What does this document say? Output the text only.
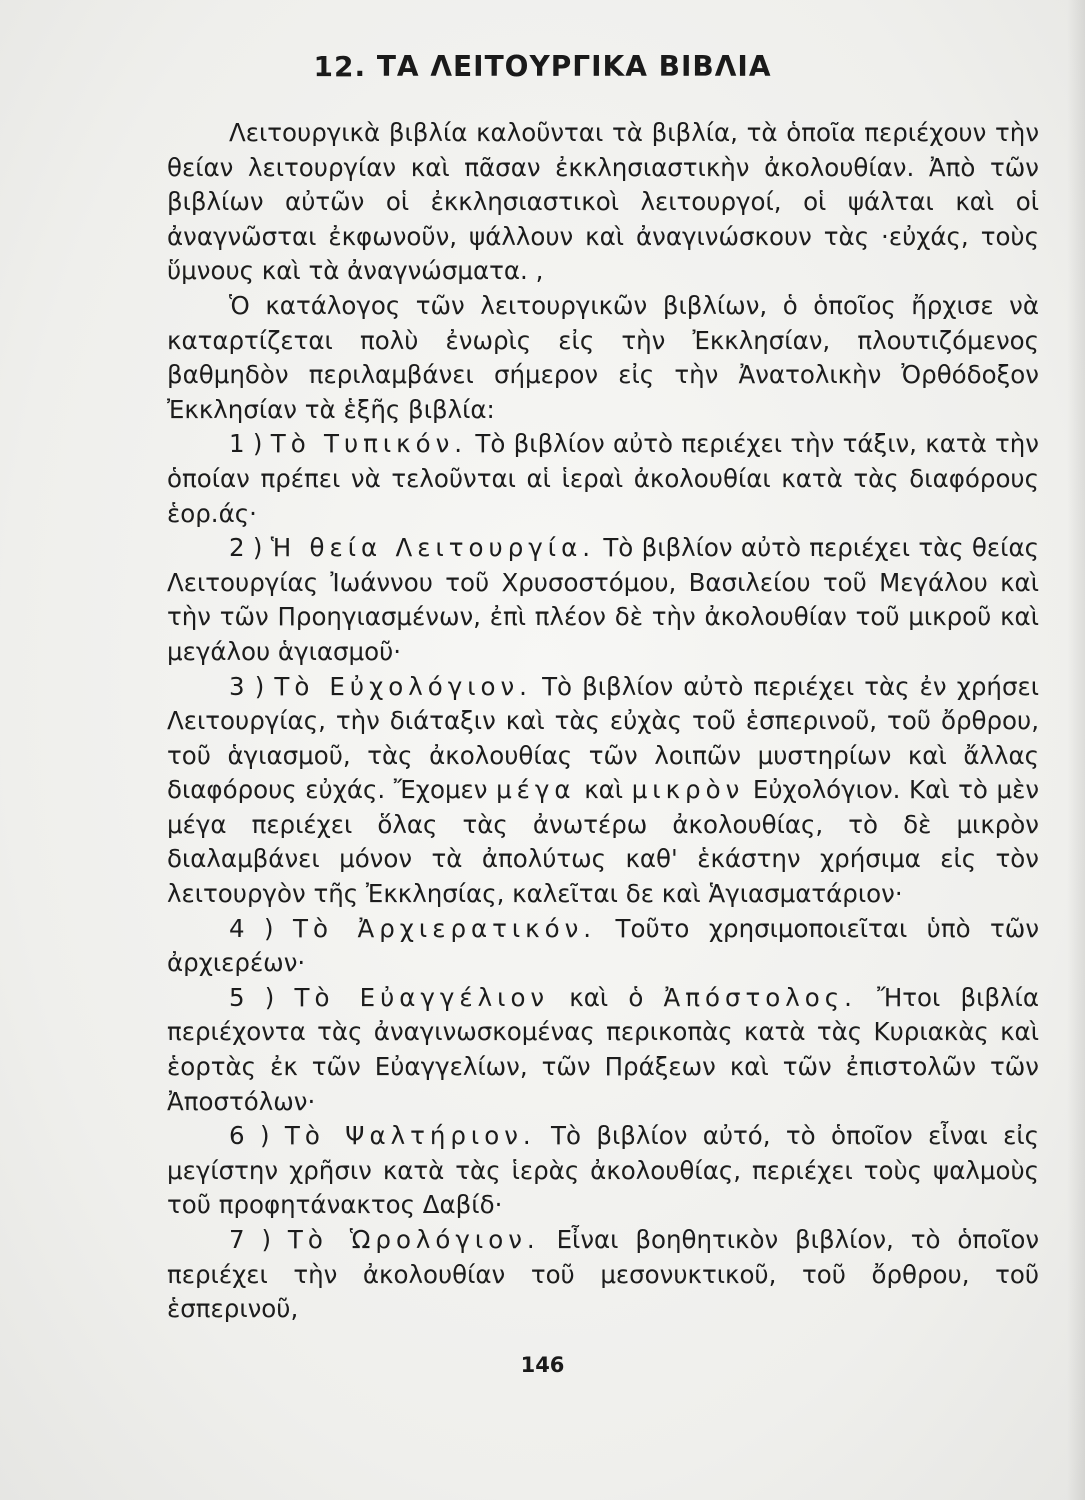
12. ΤΑ ΛΕΙΤΟΥΡΓΙΚΑ ΒΙΒΛΙΑ

Λειτουργικὰ βιβλία καλοῦνται τὰ βιβλία, τὰ ὁποῖα περιέχουν τὴν θείαν λειτουργίαν καὶ πᾶσαν ἐκκλησιαστικὴν ἀκολουθίαν. Ἀπὸ τῶν βιβλίων αὐτῶν οἱ ἐκκλησιαστικοὶ λειτουργοί, οἱ ψάλται καὶ οἱ ἀναγνῶσται ἐκφωνοῦν, ψάλλουν καὶ ἀναγινώσκουν τὰς ·εὐχάς, τοὺς ὕμνους καὶ τὰ ἀναγνώσματα. ,

Ὁ κατάλογος τῶν λειτουργικῶν βιβλίων, ὁ ὁποῖος ἤρχισε νὰ καταρτίζεται πολὺ ἐνωρὶς εἰς τὴν Ἐκκλησίαν, πλουτιζόμενος βαθμηδὸν περιλαμβάνει σήμερον εἰς τὴν Ἀνατολικὴν Ὀρθόδοξον Ἐκκλησίαν τὰ ἑξῆς βιβλία:

1 ) Τὸ Τυπικόν. Τὸ βιβλίον αὐτὸ περιέχει τὴν τάξιν, κατὰ τὴν ὁποίαν πρέπει νὰ τελοῦνται αἱ ἱεραὶ ἀκολουθίαι κατὰ τὰς διαφόρους ἑορ.άς·

2 ) Ἡ θεία Λειτουργία. Τὸ βιβλίον αὐτὸ περιέχει τὰς θείας Λειτουργίας Ἰωάννου τοῦ Χρυσοστόμου, Βασιλείου τοῦ Μεγάλου καὶ τὴν τῶν Προηγιασμένων, ἐπὶ πλέον δὲ τὴν ἀκολουθίαν τοῦ μικροῦ καὶ μεγάλου ἁγιασμοῦ·

3 ) Τὸ Εὐχολόγιον. Τὸ βιβλίον αὐτὸ περιέχει τὰς ἐν χρήσει Λειτουργίας, τὴν διάταξιν καὶ τὰς εὐχὰς τοῦ ἑσπερινοῦ, τοῦ ὄρθρου, τοῦ ἁγιασμοῦ, τὰς ἀκολουθίας τῶν λοιπῶν μυστηρίων καὶ ἄλλας διαφόρους εὐχάς. Ἔχομεν μέγα καὶ μικρὸν Εὐχολόγιον. Καὶ τὸ μὲν μέγα περιέχει ὅλας τὰς ἀνωτέρω ἀκολουθίας, τὸ δὲ μικρὸν διαλαμβάνει μόνον τὰ ἀπολύτως καθ' ἑκάστην χρήσιμα εἰς τὸν λειτουργὸν τῆς Ἐκκλησίας, καλεῖται δε καὶ Ἁγιασματάριον·

4 ) Τὸ Ἀρχιερατικόν. Τοῦτο χρησιμοποιεῖται ὑπὸ τῶν ἀρχιερέων·

5 ) Τὸ Εὐαγγέλιον καὶ ὁ Ἀπόστολος. Ἤτοι βιβλία περιέχοντα τὰς ἀναγινωσκομένας περικοπὰς κατὰ τὰς Κυριακὰς καὶ ἑορτὰς ἐκ τῶν Εὐαγγελίων, τῶν Πράξεων καὶ τῶν ἐπιστολῶν τῶν Ἀποστόλων·

6 ) Τὸ Ψαλτήριον. Τὸ βιβλίον αὐτό, τὸ ὁποῖον εἶναι εἰς μεγίστην χρῆσιν κατὰ τὰς ἱερὰς ἀκολουθίας, περιέχει τοὺς ψαλμοὺς τοῦ προφητάνακτος Δαβίδ·

7 ) Τὸ Ὡρολόγιον. Εἶναι βοηθητικὸν βιβλίον, τὸ ὁποῖον περιέχει τὴν ἀκολουθίαν τοῦ μεσονυκτικοῦ, τοῦ ὄρθρου, τοῦ ἑσπερινοῦ,

146
